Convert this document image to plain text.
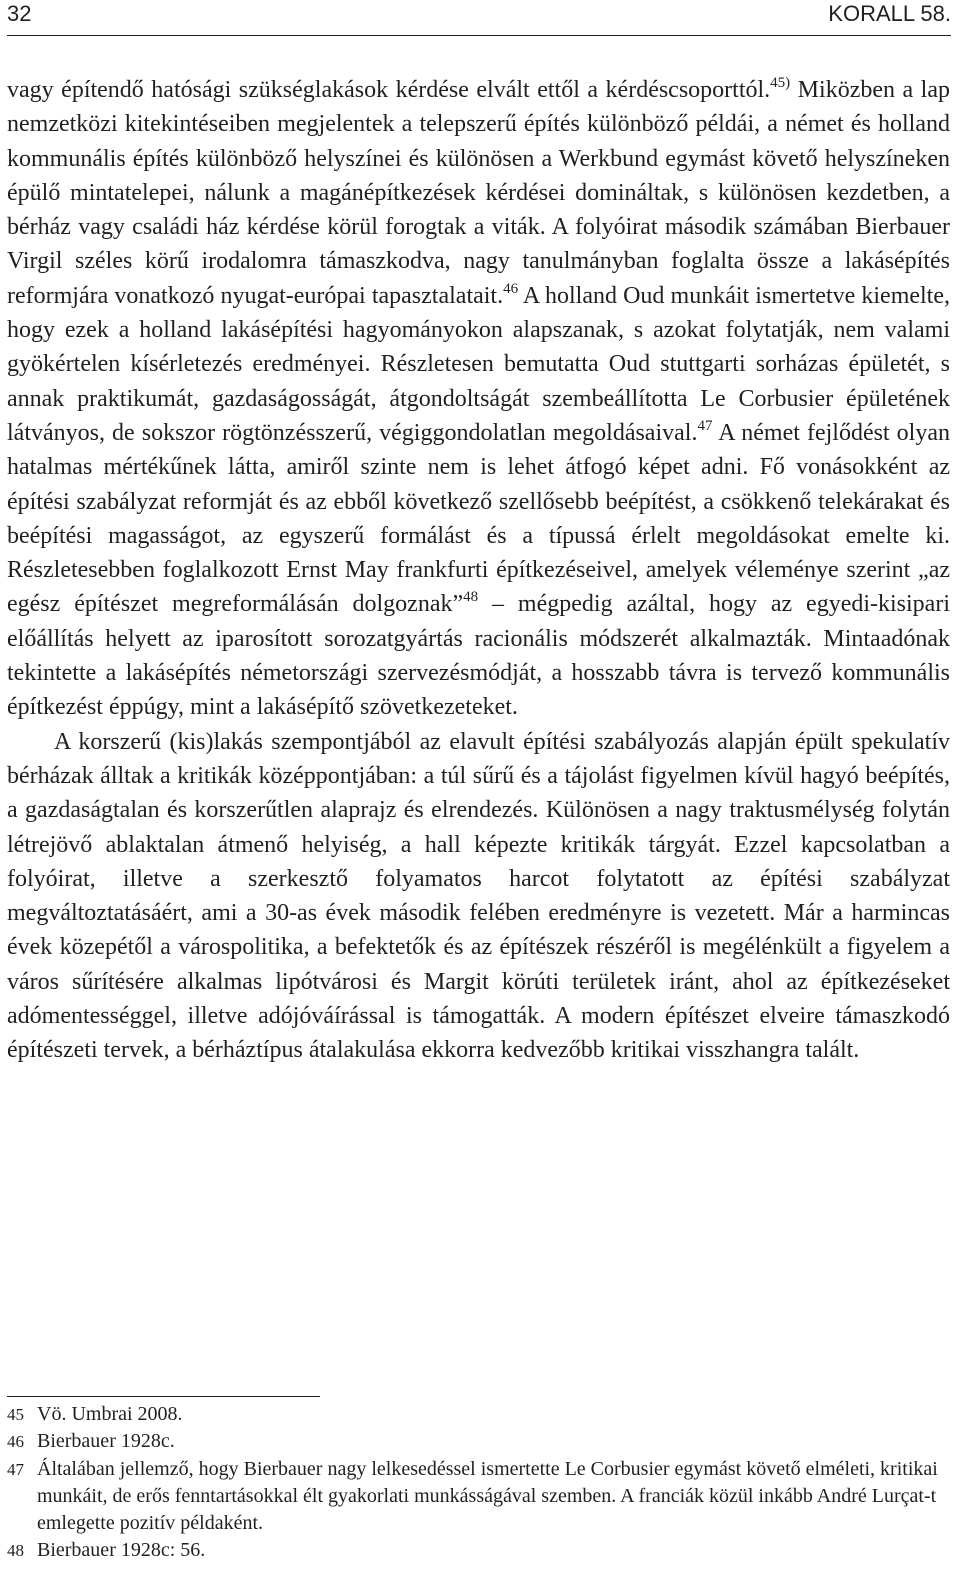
32	KORALL 58.

vagy építendő hatósági szükséglakások kérdése elvált ettől a kérdéscsoporttól.$^{45)}$ Miközben a lap nemzetközi kitekintéseiben megjelentek a telepszerű építés különböző példái, a német és holland kommunális építés különböző helyszínei és különösen a Werkbund egymást követő helyszíneken épülő mintatelepei, nálunk a magánépítkezések kérdései domináltak, s különösen kezdetben, a bérház vagy családi ház kérdése körül forogtak a viták. A folyóirat második számában Bierbauer Virgil széles körű irodalomra támaszkodva, nagy tanulmányban foglalta össze a lakásépítés reformjára vonatkozó nyugat-európai tapasztalatait.$^{46}$ A holland Oud munkáit ismertetve kiemelte, hogy ezek a holland lakásépítési hagyományokon alapszanak, s azokat folytatják, nem valami gyökértelen kísérletezés eredményei. Részletesen bemutatta Oud stuttgarti sorházas épületét, s annak praktikumát, gazdaságosságát, átgondoltságát szembeállította Le Corbusier épületének látványos, de sokszor rögtönzésszerű, végiggondolatlan megoldásaival.$^{47}$ A német fejlődést olyan hatalmas mértékűnek látta, amiről szinte nem is lehet átfogó képet adni. Fő vonásokként az építési szabályzat reformját és az ebből következő szellősebb beépítést, a csökkenő telekárakat és beépítési magasságot, az egyszerű formálást és a típussá érlelt megoldásokat emelte ki. Részletesebben foglalkozott Ernst May frankfurti építkezéseivel, amelyek véleménye szerint „az egész építészet megreformálásán dolgoznak”$^{48}$ – mégpedig azáltal, hogy az egyedi-kisipari előállítás helyett az iparosított sorozatgyártás racionális módszerét alkalmazták. Mintaadónak tekintette a lakásépítés németországi szervezésmódját, a hosszabb távra is tervező kommunális építkezést éppúgy, mint a lakásépítő szövetkezeteket.

A korszerű (kis)lakás szempontjából az elavult építési szabályozás alapján épült spekulatív bérházak álltak a kritikák középpontjában: a túl sűrű és a tájolást figyelmen kívül hagyó beépítés, a gazdaságtalan és korszerűtlen alaprajz és elrendezés. Különösen a nagy traktusmélység folytán létrejövő ablaktalan átmenő helyiség, a hall képezte kritikák tárgyát. Ezzel kapcsolatban a folyóirat, illetve a szerkesztő folyamatos harcot folytatott az építési szabályzat megváltoztatásáért, ami a 30-as évek második felében eredményre is vezetett. Már a harmincas évek közepétől a várospolitika, a befektetők és az építészek részéről is megélénkült a figyelem a város sűrítésére alkalmas lipótvárosi és Margit körúti területek iránt, ahol az építkezéseket adómentességgel, illetve adójóváírással is támogatták. A modern építészet elveire támaszkodó építészeti tervek, a bérháztípus átalakulása ekkorra kedvezőbb kritikai visszhangra talált.

45 Vö. Umbrai 2008.
46 Bierbauer 1928c.
47 Általában jellemző, hogy Bierbauer nagy lelkesedéssel ismertette Le Corbusier egymást követő elméleti, kritikai munkáit, de erős fenntartásokkal élt gyakorlati munkásságával szemben. A franciák közül inkább André Lurçat-t emlegette pozitív példaként.
48 Bierbauer 1928c: 56.
